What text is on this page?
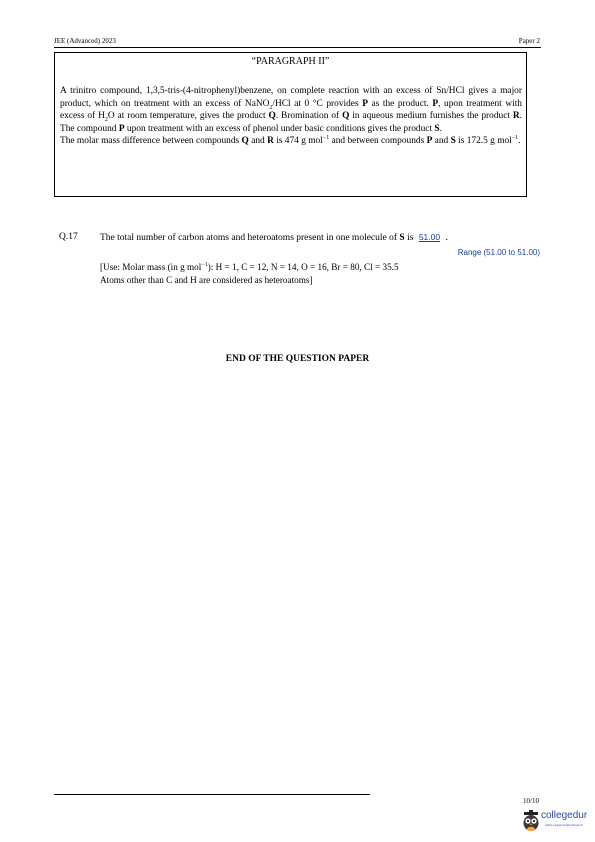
JEE (Advanced) 2023	Paper 2
“PARAGRAPH II”

A trinitro compound, 1,3,5-tris-(4-nitrophenyl)benzene, on complete reaction with an excess of Sn/HCl gives a major product, which on treatment with an excess of NaNO$_2$/HCl at 0 °C provides P as the product. P, upon treatment with excess of $H_2O$ at room temperature, gives the product Q. Bromination of Q in aqueous medium furnishes the product R. The compound P upon treatment with an excess of phenol under basic conditions gives the product S.

The molar mass difference between compounds Q and R is 474 g mol$^{-1}$ and between compounds P and S is 172.5 g mol$^{-1}$.

Q.17 The total number of carbon atoms and heteroatoms present in one molecule of S is 51.00 .
Range (51.00 to 51.00)
[Use: Molar mass (in g mol$^{-1}$): H = 1, C = 12, N = 14, O = 16, Br = 80, Cl = 35.5
Atoms other than C and H are considered as heteroatoms]
END OF THE QUESTION PAPER
10/10
collegedur
India's Largest Student Review P
